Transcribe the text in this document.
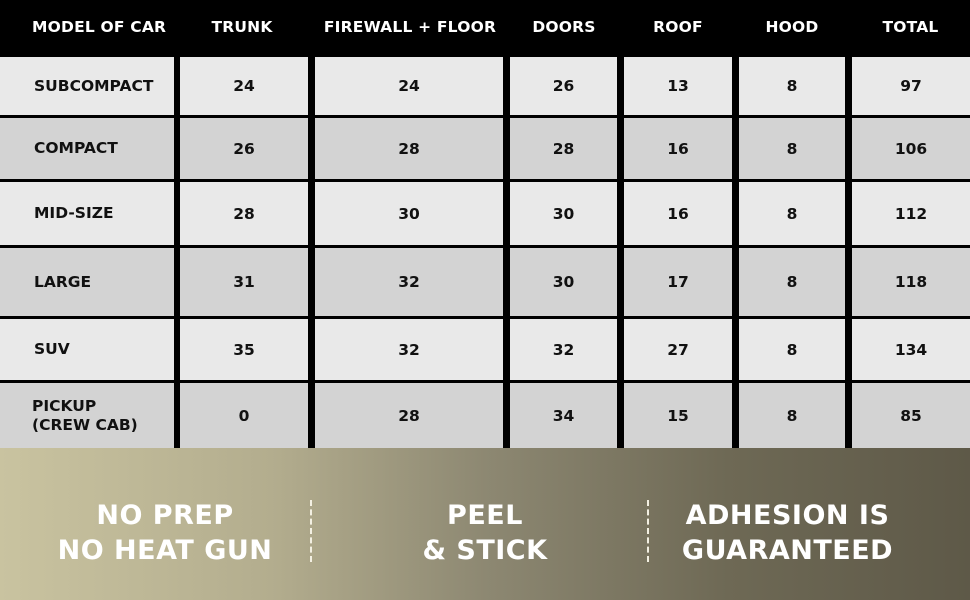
MODEL OF CAR	TRUNK	FIREWALL + FLOOR	DOORS	ROOF	HOOD	TOTAL
SUBCOMPACT	24	24	26	13	8	97
COMPACT	26	28	28	16	8	106
MID-SIZE	28	30	30	16	8	112
LARGE	31	32	30	17	8	118
SUV	35	32	32	27	8	134
PICKUP
(CREW CAB)	0	28	34	15	8	85
NO PREP
NO HEAT GUN
PEEL
& STICK
ADHESION IS
GUARANTEED
